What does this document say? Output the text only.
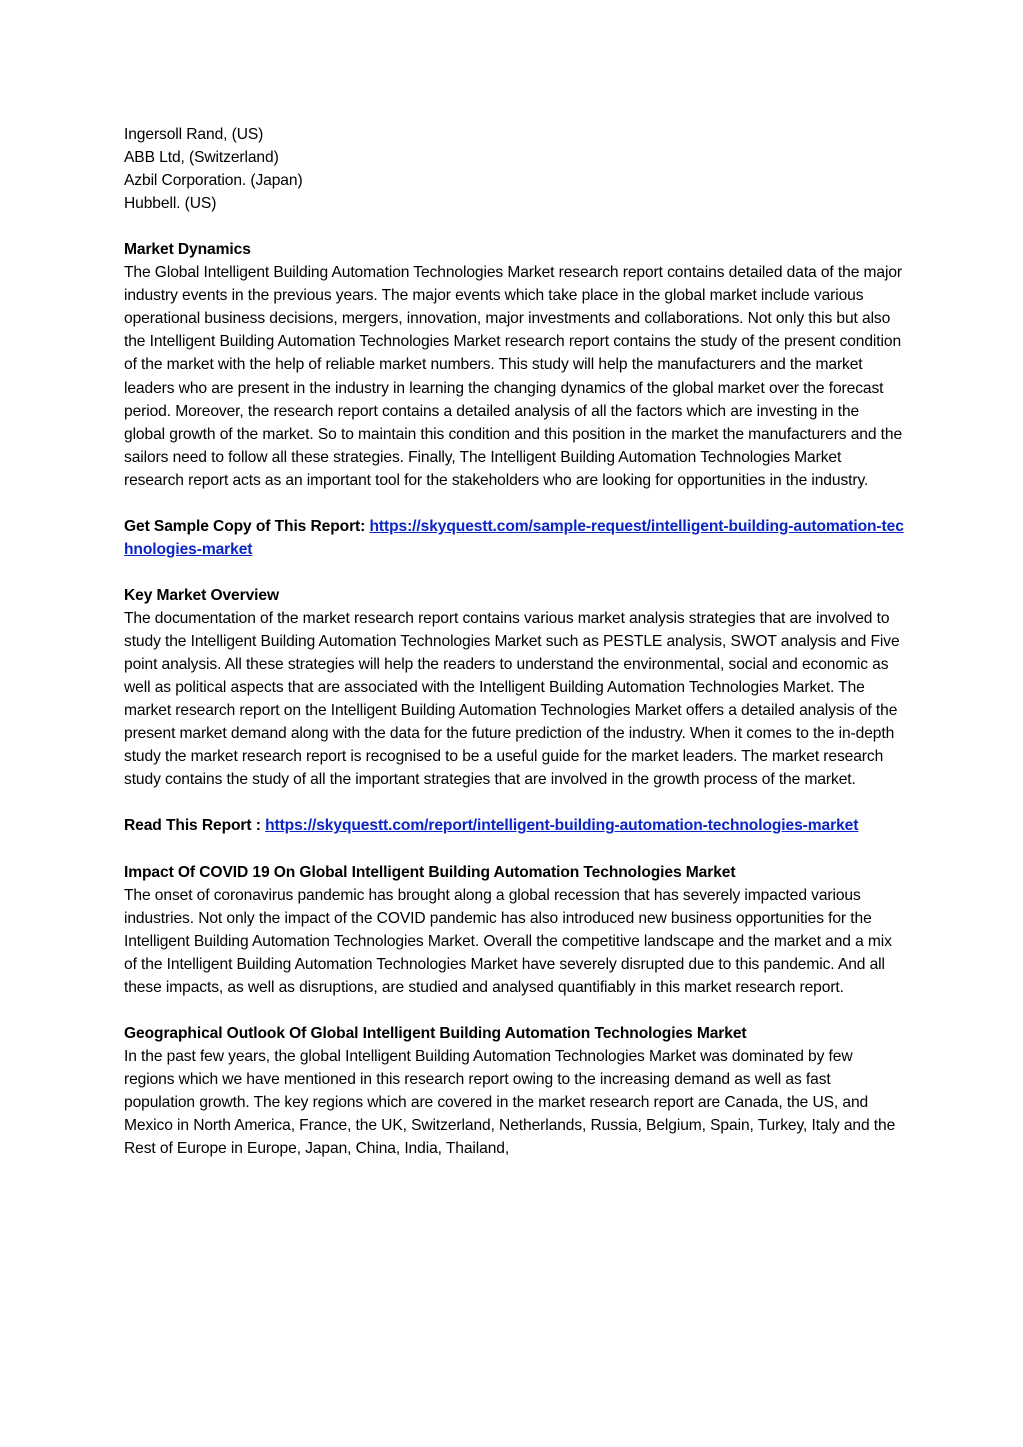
Ingersoll Rand, (US)
ABB Ltd, (Switzerland)
Azbil Corporation. (Japan)
Hubbell. (US)

Market Dynamics

The Global Intelligent Building Automation Technologies Market research report contains detailed data of the major industry events in the previous years. The major events which take place in the global market include various operational business decisions, mergers, innovation, major investments and collaborations. Not only this but also the Intelligent Building Automation Technologies Market research report contains the study of the present condition of the market with the help of reliable market numbers. This study will help the manufacturers and the market leaders who are present in the industry in learning the changing dynamics of the global market over the forecast period. Moreover, the research report contains a detailed analysis of all the factors which are investing in the global growth of the market. So to maintain this condition and this position in the market the manufacturers and the sailors need to follow all these strategies. Finally, The Intelligent Building Automation Technologies Market research report acts as an important tool for the stakeholders who are looking for opportunities in the industry.

Get Sample Copy of This Report: https://skyquestt.com/sample-request/intelligent-building-automation-technologies-market

Key Market Overview

The documentation of the market research report contains various market analysis strategies that are involved to study the Intelligent Building Automation Technologies Market such as PESTLE analysis, SWOT analysis and Five point analysis. All these strategies will help the readers to understand the environmental, social and economic as well as political aspects that are associated with the Intelligent Building Automation Technologies Market. The market research report on the Intelligent Building Automation Technologies Market offers a detailed analysis of the present market demand along with the data for the future prediction of the industry. When it comes to the in-depth study the market research report is recognised to be a useful guide for the market leaders. The market research study contains the study of all the important strategies that are involved in the growth process of the market.

Read This Report : https://skyquestt.com/report/intelligent-building-automation-technologies-market

Impact Of COVID 19 On Global Intelligent Building Automation Technologies Market

The onset of coronavirus pandemic has brought along a global recession that has severely impacted various industries. Not only the impact of the COVID pandemic has also introduced new business opportunities for the Intelligent Building Automation Technologies Market. Overall the competitive landscape and the market and a mix of the Intelligent Building Automation Technologies Market have severely disrupted due to this pandemic. And all these impacts, as well as disruptions, are studied and analysed quantifiably in this market research report.

Geographical Outlook Of Global Intelligent Building Automation Technologies Market

In the past few years, the global Intelligent Building Automation Technologies Market was dominated by few regions which we have mentioned in this research report owing to the increasing demand as well as fast population growth. The key regions which are covered in the market research report are Canada, the US, and Mexico in North America, France, the UK, Switzerland, Netherlands, Russia, Belgium, Spain, Turkey, Italy and the Rest of Europe in Europe, Japan, China, India, Thailand,
